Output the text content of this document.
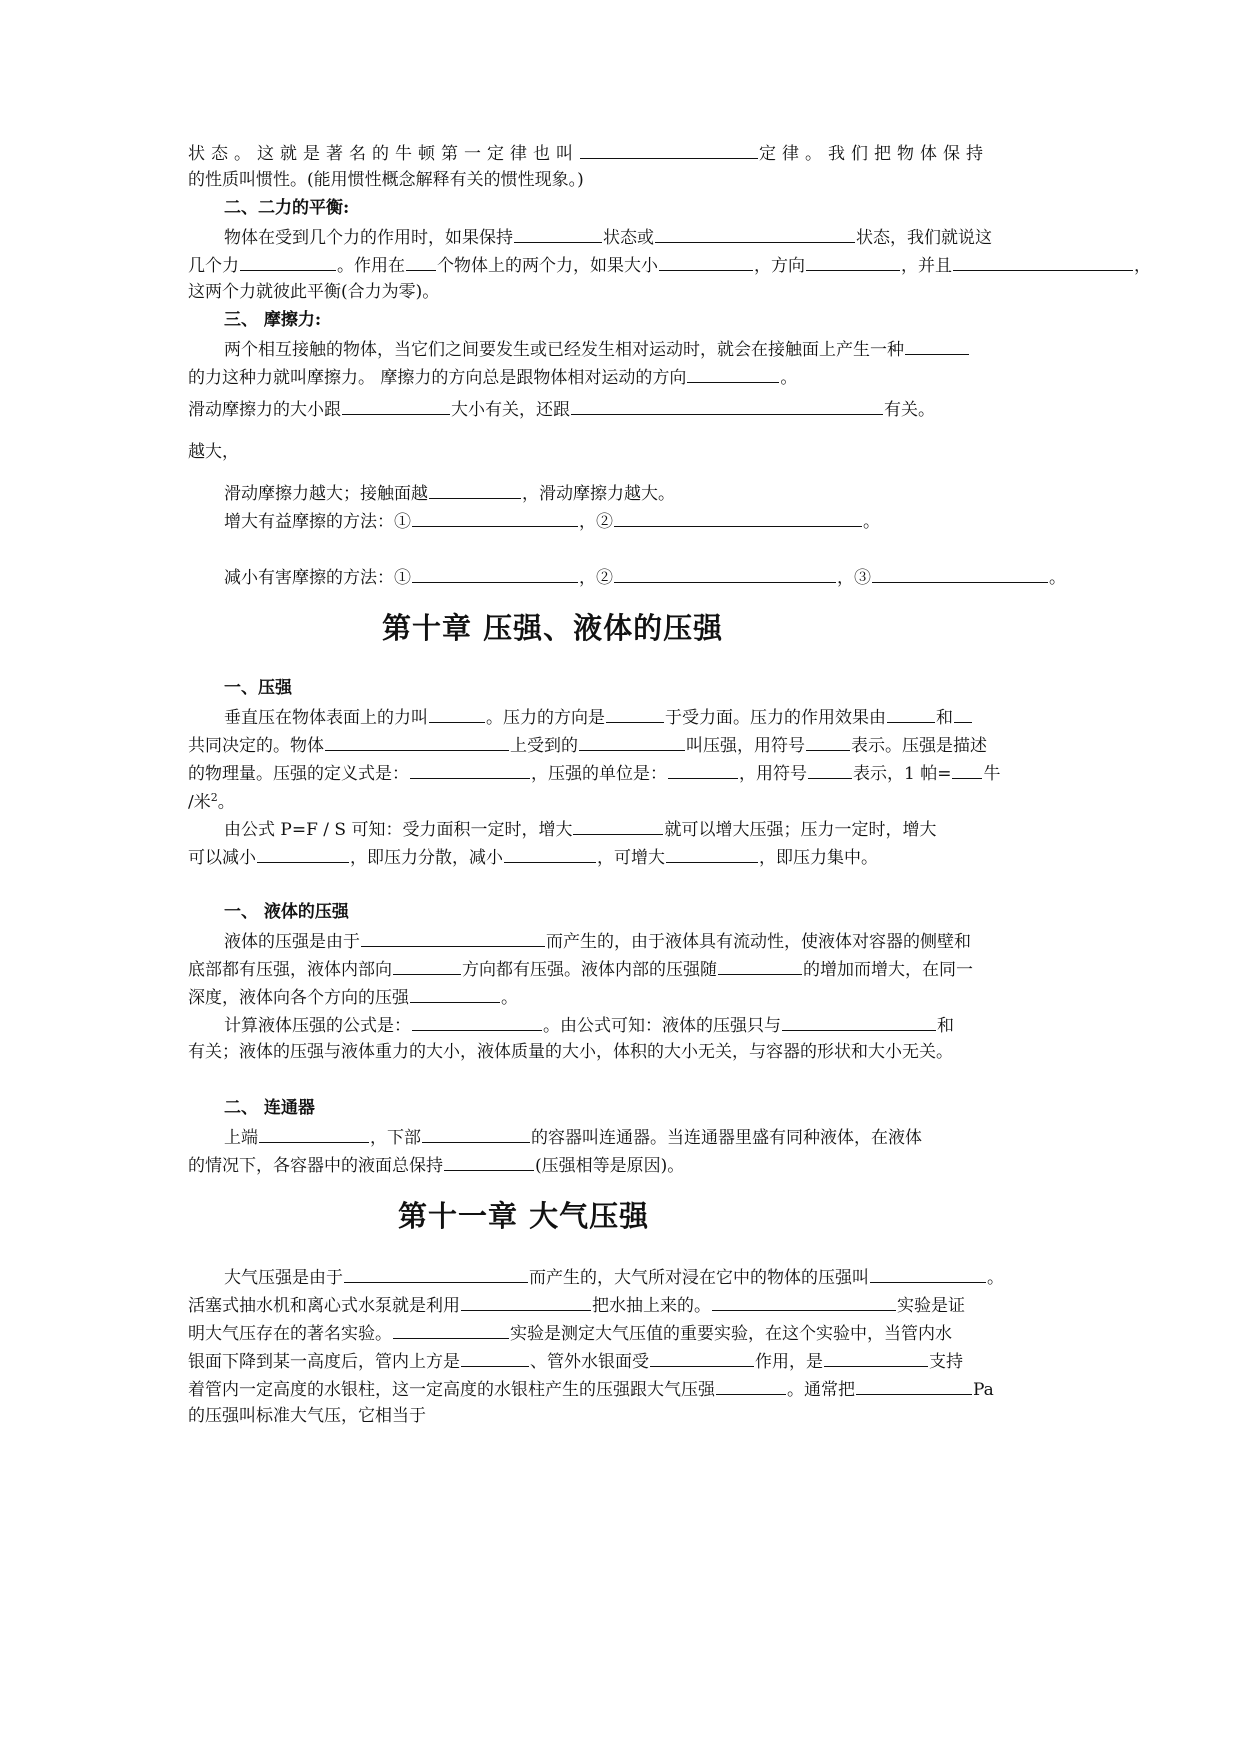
状态。这就是著名的牛顿第一定律也叫	定律。我们把物体保持
的性质叫惯性。(能用惯性概念解释有关的惯性现象。)
二、二力的平衡:
物体在受到几个力的作用时，如果保持	状态或	状态，我们就说这
几个力	。作用在 个物体上的两个力，如果大小	，方向	，并且	，
这两个力就彼此平衡(合力为零)。
三、 摩擦力:
两个相互接触的物体，当它们之间要发生或已经发生相对运动时，就会在接触面上产生一种
的力这种力就叫摩擦力。 摩擦力的方向总是跟物体相对运动的方向	。
滑动摩擦力的大小跟	大小有关，还跟	有关。
越大，
滑动摩擦力越大；接触面越	，滑动摩擦力越大。
增大有益摩擦的方法：①	，②	。
减小有害摩擦的方法：①	，②	，③	。
第十章 压强、液体的压强
一、压强
垂直压在物体表面上的力叫	。压力的方向是	于受力面。压力的作用效果由	和
共同决定的。物体	上受到的	叫压强，用符号	表示。压强是描述
的物理量。压强的定义式是：	，压强的单位是：	，用符号	表示，1 帕= 牛
/米$^2$。
由公式 P=F / S 可知：受力面积一定时，增大	就可以增大压强；压力一定时，增大
可以减小	，即压力分散，减小	，可增大	，即压力集中。
一、 液体的压强
液体的压强是由于	而产生的，由于液体具有流动性，使液体对容器的侧壁和
底部都有压强，液体内部向	方向都有压强。液体内部的压强随	的增加而增大，在同一
深度，液体向各个方向的压强	。
计算液体压强的公式是：	。由公式可知：液体的压强只与	和
有关；液体的压强与液体重力的大小，液体质量的大小，体积的大小无关，与容器的形状和大小无关。
二、 连通器
上端	，下部	的容器叫连通器。当连通器里盛有同种液体，在液体
的情况下，各容器中的液面总保持	(压强相等是原因)。
第十一章 大气压强
大气压强是由于	而产生的，大气所对浸在它中的物体的压强叫	。
活塞式抽水机和离心式水泵就是利用	把水抽上来的。	实验是证
明大气压存在的著名实验。	实验是测定大气压值的重要实验，在这个实验中，当管内水
银面下降到某一高度后，管内上方是	、管外水银面受	作用，是	支持
着管内一定高度的水银柱，这一定高度的水银柱产生的压强跟大气压强	。通常把	Pa
的压强叫标准大气压，它相当于
